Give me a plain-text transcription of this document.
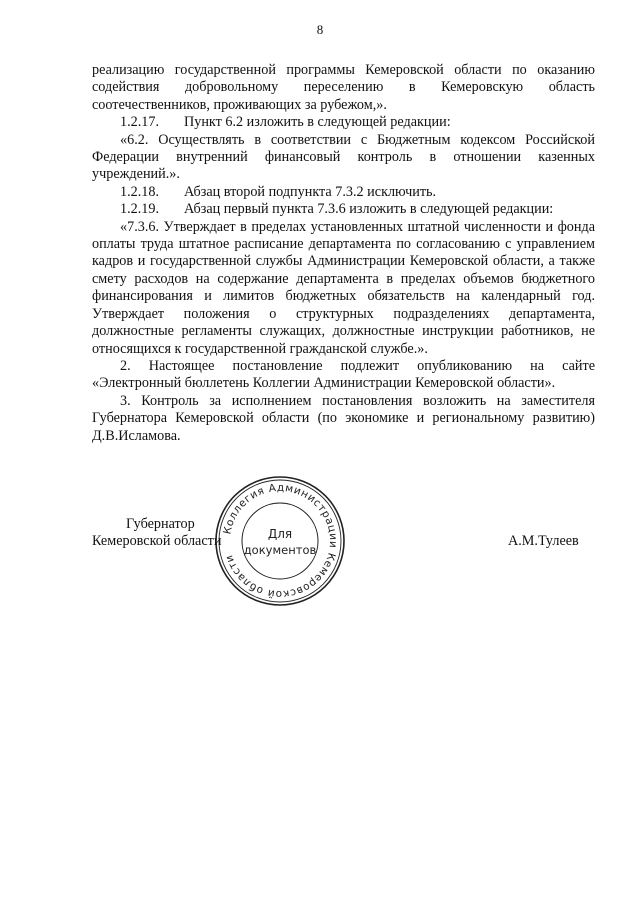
8

реализацию государственной программы Кемеровской области по оказанию содействия добровольному переселению в Кемеровскую область соотечественников, проживающих за рубежом,».

1.2.17. Пункт 6.2 изложить в следующей редакции:

«6.2. Осуществлять в соответствии с Бюджетным кодексом Российской Федерации внутренний финансовый контроль в отношении казенных учреждений.».

1.2.18. Абзац второй подпункта 7.3.2 исключить.

1.2.19. Абзац первый пункта 7.3.6 изложить в следующей редакции:

«7.3.6. Утверждает в пределах установленных штатной численности и фонда оплаты труда штатное расписание департамента по согласованию с управлением кадров и государственной службы Администрации Кемеровской области, а также смету расходов на содержание департамента в пределах объемов бюджетного финансирования и лимитов бюджетных обязательств на календарный год. Утверждает положения о структурных подразделениях департамента, должностные регламенты служащих, должностные инструкции работников, не относящихся к государственной гражданской службе.».

2. Настоящее постановление подлежит опубликованию на сайте «Электронный бюллетень Коллегии Администрации Кемеровской области».

3. Контроль за исполнением постановления возложить на заместителя Губернатора Кемеровской области (по экономике и региональному развитию) Д.В.Исламова.

Губернатор
Кемеровской области	А.М.Тулеев
Коллегия Администрации Кемеровской области
Для
документов
